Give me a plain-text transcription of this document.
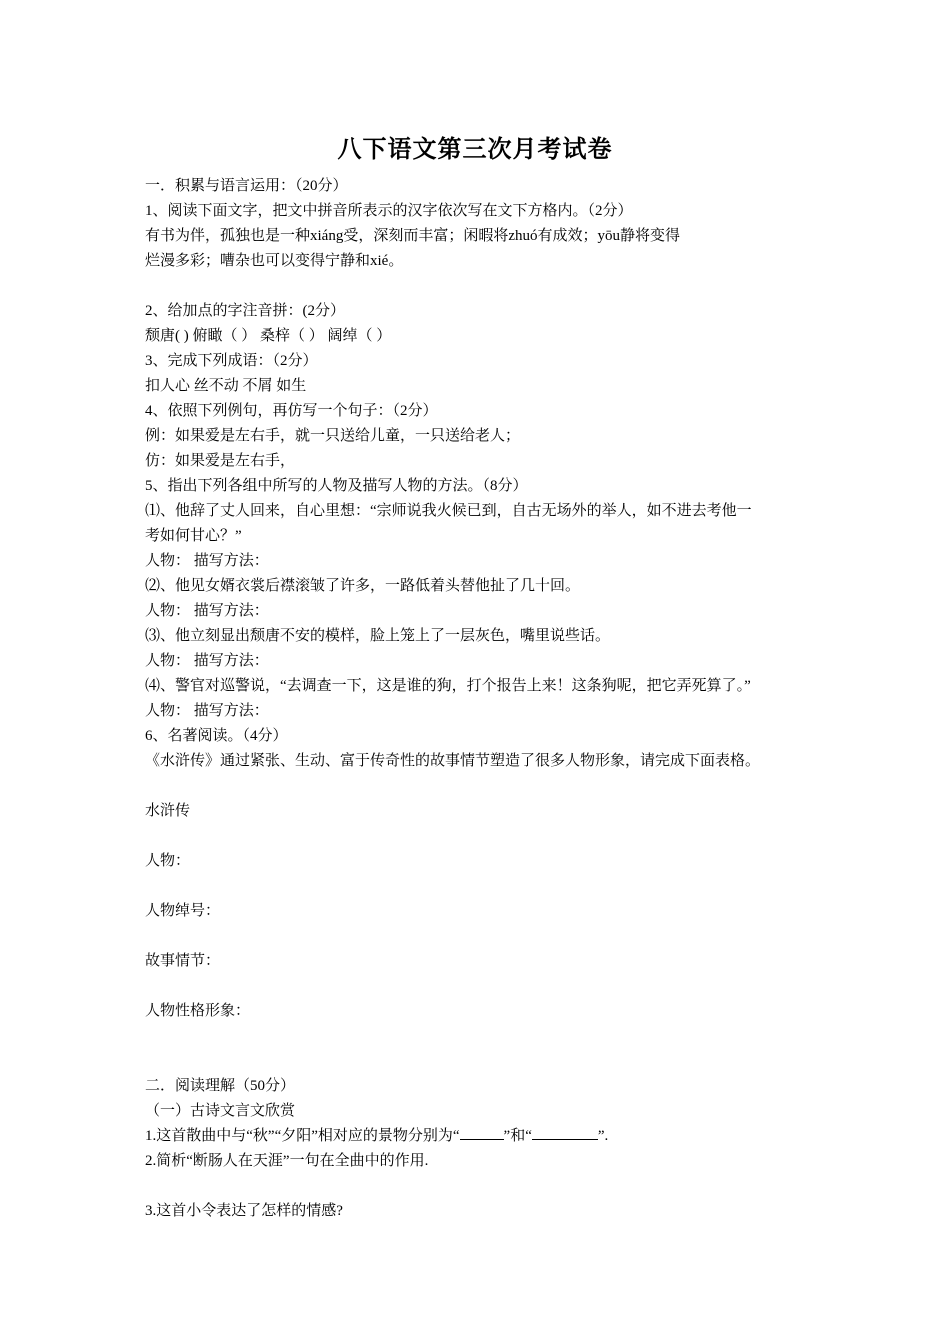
八下语文第三次月考试卷
一．积累与语言运用：（20分）
1、阅读下面文字，把文中拼音所表示的汉字依次写在文下方格内。（2分）
有书为伴，孤独也是一种xiáng受，深刻而丰富；闲暇将zhuó有成效；yōu静将变得
烂漫多彩；嘈杂也可以变得宁静和xié。
2、给加点的字注音拼：(2分）
颓唐( ) 俯瞰（ ） 桑梓（ ） 阔绰（ ）
3、完成下列成语：（2分）
扣人心 丝不动 不屑 如生
4、依照下列例句，再仿写一个句子：（2分）
例：如果爱是左右手，就一只送给儿童，一只送给老人；
仿：如果爱是左右手，
5、指出下列各组中所写的人物及描写人物的方法。（8分）
⑴、他辞了丈人回来，自心里想：“宗师说我火候已到，自古无场外的举人，如不进去考他一
考如何甘心？”
人物： 描写方法：
⑵、他见女婿衣裳后襟滚皱了许多，一路低着头替他扯了几十回。
人物： 描写方法：
⑶、他立刻显出颓唐不安的模样，脸上笼上了一层灰色，嘴里说些话。
人物： 描写方法：
⑷、警官对巡警说，“去调查一下，这是谁的狗，打个报告上来！这条狗呢，把它弄死算了。”
人物： 描写方法：
6、名著阅读。（4分）
《水浒传》通过紧张、生动、富于传奇性的故事情节塑造了很多人物形象，请完成下面表格。
水浒传
人物：
人物绰号：
故事情节：
人物性格形象：
二．阅读理解（50分）
（一）古诗文言文欣赏
1.这首散曲中与“秋”“夕阳”相对应的景物分别为“	”和“	”.
2.简析“断肠人在天涯”一句在全曲中的作用.
3.这首小令表达了怎样的情感?
